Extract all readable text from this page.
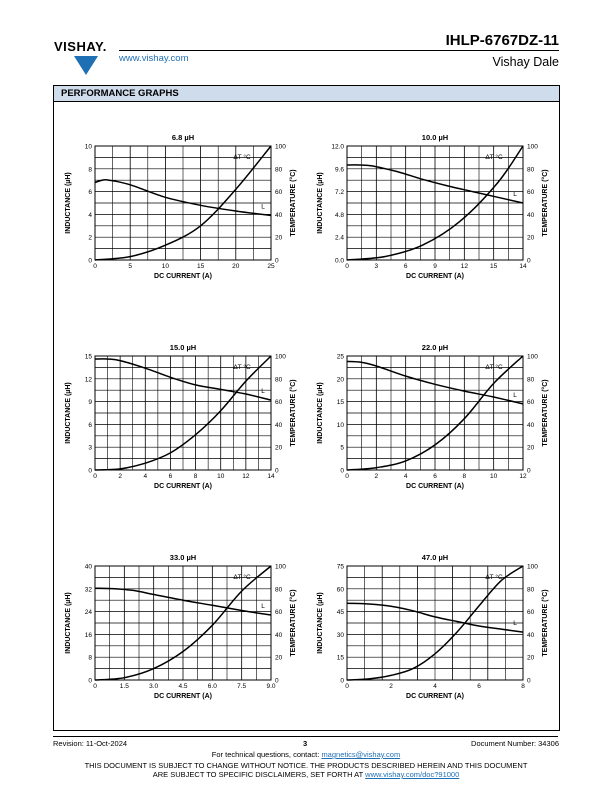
VISHAY.
www.vishay.com
IHLP-6767DZ-11
Vishay Dale
PERFORMANCE GRAPHS
6.8 µH
0	5	10	15	20	25
0
2
4
6
8
10
0
20
40
60
80
100
DC CURRENT (A)
INDUCTANCE (µH)	TEMPERATURE (°C)
L
ΔT °C
10.0 µH
0	3	6	9	12	15	14
0.0
2.4
4.8
7.2
9.6
12.0
0
20
40
60
80
100
DC CURRENT (A)
INDUCTANCE (µH)	TEMPERATURE (°C)
L
ΔT °C
15.0 µH
0	2	4	6	8	10	12	14
0
3
6
9
12
15
0
20
40
60
80
100
DC CURRENT (A)
INDUCTANCE (µH)	TEMPERATURE (°C)
L
ΔT °C
22.0 µH
0	2	4	6	8	10	12
0
5
10
15
20
25
0
20
40
60
80
100
DC CURRENT (A)
INDUCTANCE (µH)	TEMPERATURE (°C)
L
ΔT °C
33.0 µH
0	1.5	3.0	4.5	6.0	7.5	9.0
0
8
16
24
32
40
0
20
40
60
80
100
DC CURRENT (A)
INDUCTANCE (µH)	TEMPERATURE (°C)
L
ΔT °C
47.0 µH
0	2	4	6	8
0
15
30
45
60
75
0
20
40
60
80
100
DC CURRENT (A)
INDUCTANCE (µH)	TEMPERATURE (°C)
L
ΔT °C
Revision: 11-Oct-2024	3	Document Number: 34306
For technical questions, contact: magnetics@vishay.com
THIS DOCUMENT IS SUBJECT TO CHANGE WITHOUT NOTICE. THE PRODUCTS DESCRIBED HEREIN AND THIS DOCUMENT
ARE SUBJECT TO SPECIFIC DISCLAIMERS, SET FORTH AT www.vishay.com/doc?91000
